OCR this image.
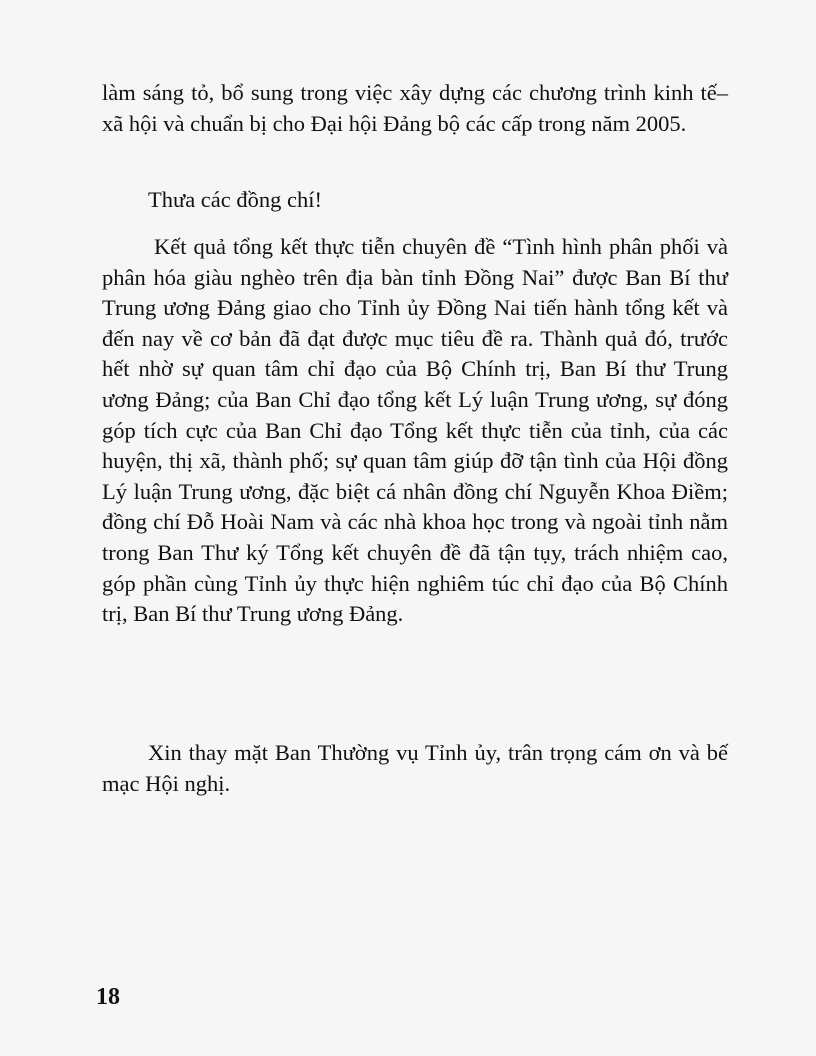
làm sáng tỏ, bổ sung trong việc xây dựng các chương trình kinh tế–xã hội và chuẩn bị cho Đại hội Đảng bộ các cấp trong năm 2005.

Thưa các đồng chí!

Kết quả tổng kết thực tiễn chuyên đề “Tình hình phân phối và phân hóa giàu nghèo trên địa bàn tỉnh Đồng Nai” được Ban Bí thư Trung ương Đảng giao cho Tỉnh ủy Đồng Nai tiến hành tổng kết và đến nay về cơ bản đã đạt được mục tiêu đề ra. Thành quả đó, trước hết nhờ sự quan tâm chỉ đạo của Bộ Chính trị, Ban Bí thư Trung ương Đảng; của Ban Chỉ đạo tổng kết Lý luận Trung ương, sự đóng góp tích cực của Ban Chỉ đạo Tổng kết thực tiễn của tỉnh, của các huyện, thị xã, thành phố; sự quan tâm giúp đỡ tận tình của Hội đồng Lý luận Trung ương, đặc biệt cá nhân đồng chí Nguyễn Khoa Điềm; đồng chí Đỗ Hoài Nam và các nhà khoa học trong và ngoài tỉnh nằm trong Ban Thư ký Tổng kết chuyên đề đã tận tụy, trách nhiệm cao, góp phần cùng Tỉnh ủy thực hiện nghiêm túc chỉ đạo của Bộ Chính trị, Ban Bí thư Trung ương Đảng.

Xin thay mặt Ban Thường vụ Tỉnh ủy, trân trọng cám ơn và bế mạc Hội nghị.

18
